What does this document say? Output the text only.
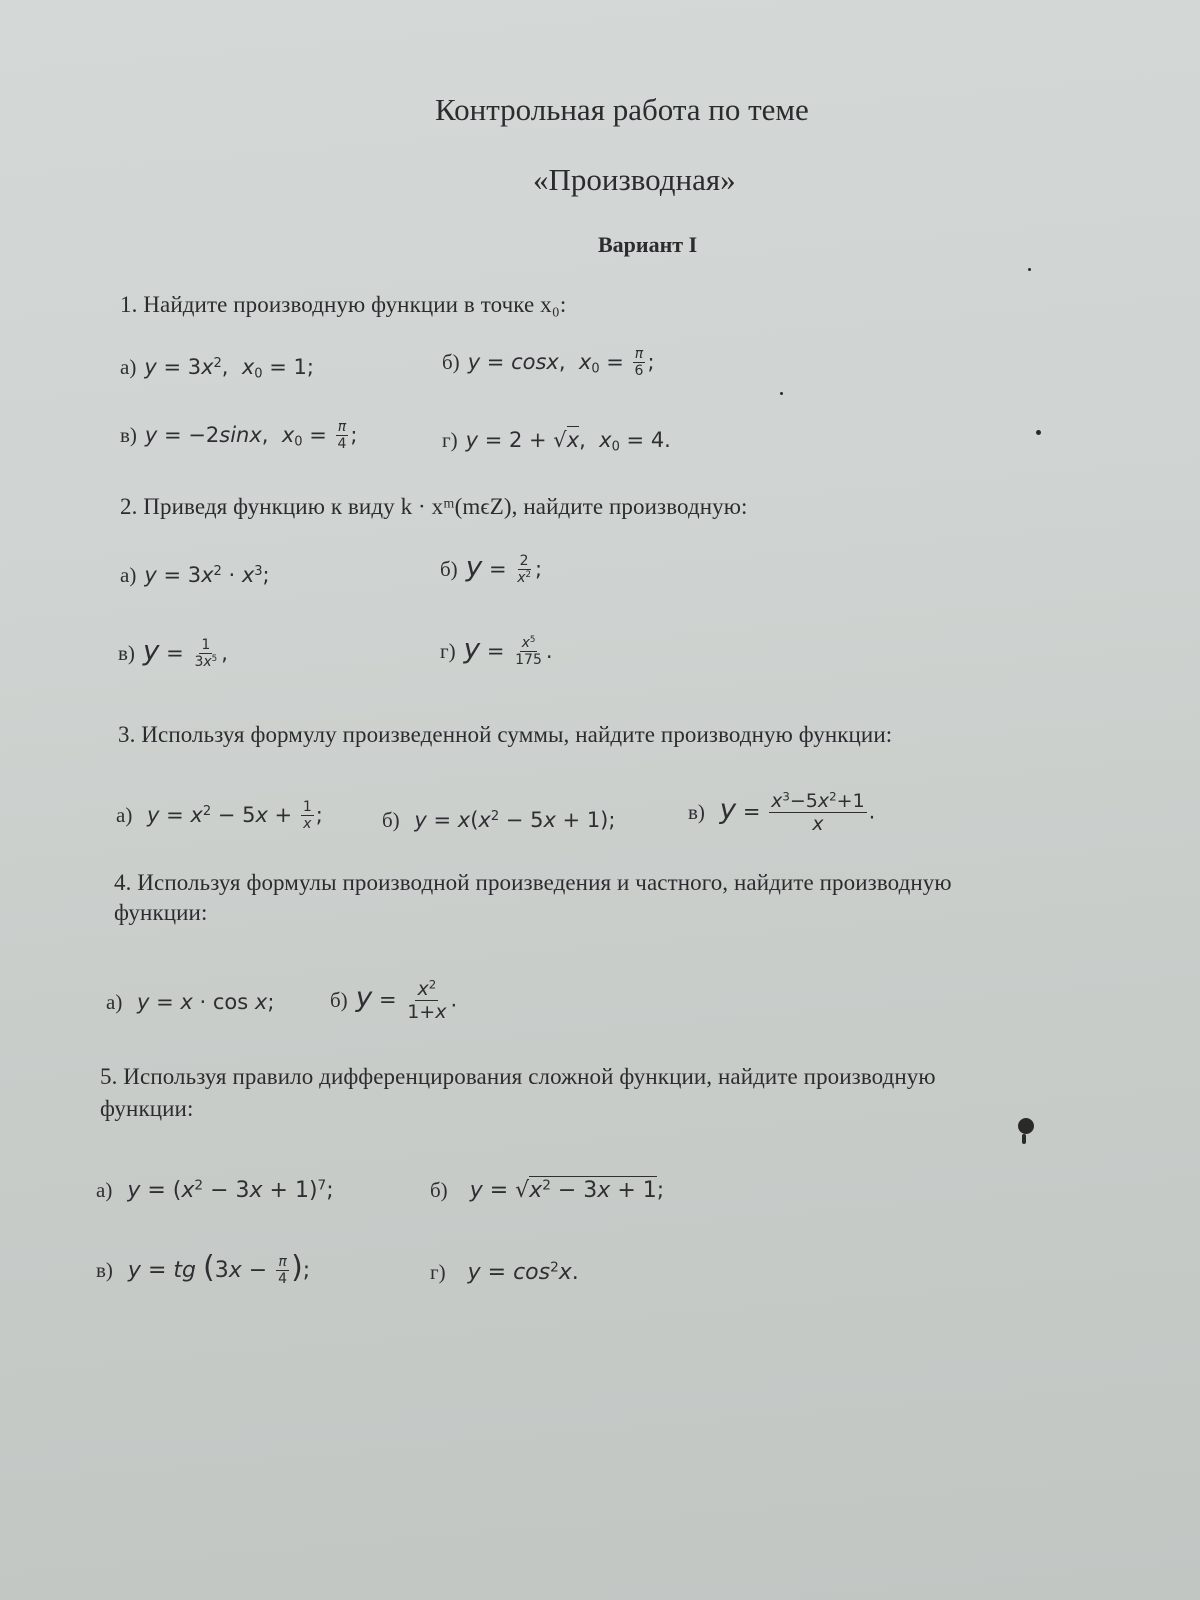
Контрольная работа по теме
«Производная»
Вариант I
1. Найдите производную функции в точке x₀:
а) $y = 3x^2$,  $x_0 = 1$;	б) y = cosx,  $x_0 = \frac{\pi}{6}$ ;
в) y = −2sinx,  $x_0 = \frac{\pi}{4}$ ;	г) y = 2 + √x,  $x_0 = 4$.
2. Приведя функцию к виду k · xᵐ(mϵZ), найдите производную:
а) $y = 3x^2 \cdot x^3$;	б) $y = \frac{2}{x^2}$ ;
в) $y = \frac{1}{3x^5}$ ,	г) $y = \frac{x^5}{175}$ .
3. Используя формулу произведенной суммы, найдите производную функции:
а) $y = x^2 - 5x + \frac{1}{x}$ ;	б) $y = x(x^2 - 5x + 1)$;	в) $y = \frac{x^3-5x^2+1}{x}$ .
4. Используя формулы производной произведения и частного, найдите производную
функции:
а) y = x · cos x;	б) $y = \frac{x^2}{1+x}$ .
5. Используя правило дифференцирования сложной функции, найдите производную
функции:
а) $y = (x^2 - 3x + 1)^7$;	б) $y = √x^2 - 3x + 1$;
в) y = tg ($3x - \frac{\pi}{4}$ );	г) $y = \cos^2x$.
